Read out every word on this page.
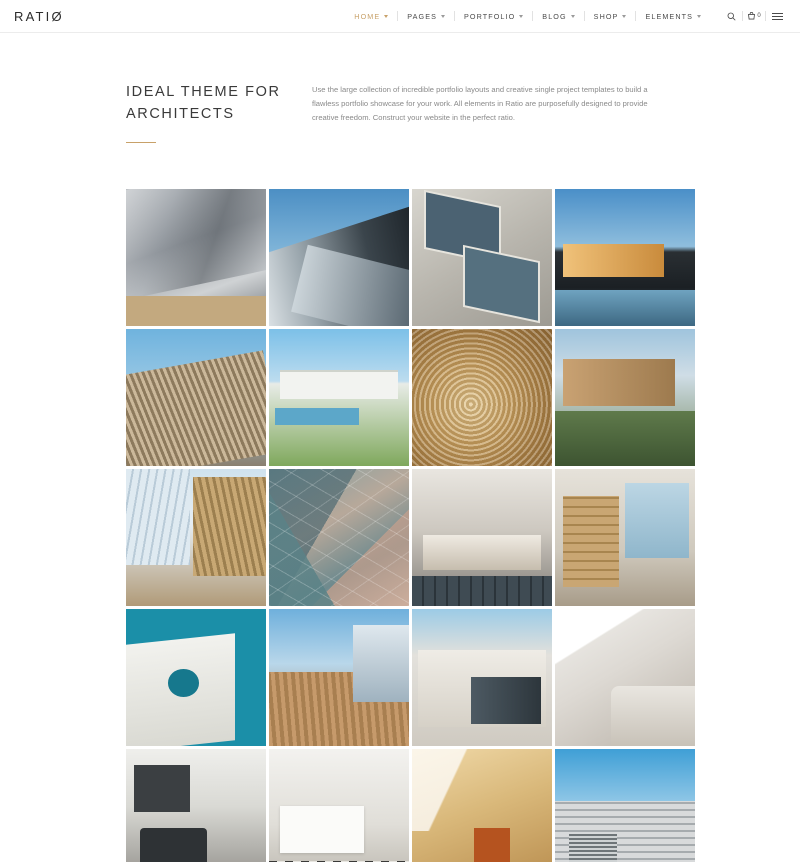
RATIØ	HOME	PAGES	PORTFOLIO	BLOG	SHOP	ELEMENTS	0
IDEAL THEME FOR
ARCHITECTS
Use the large collection of incredible portfolio layouts and creative single project templates to build a flawless portfolio showcase for your work. All elements in Ratio are purposefully designed to provide creative freedom. Construct your website in the perfect ratio.
